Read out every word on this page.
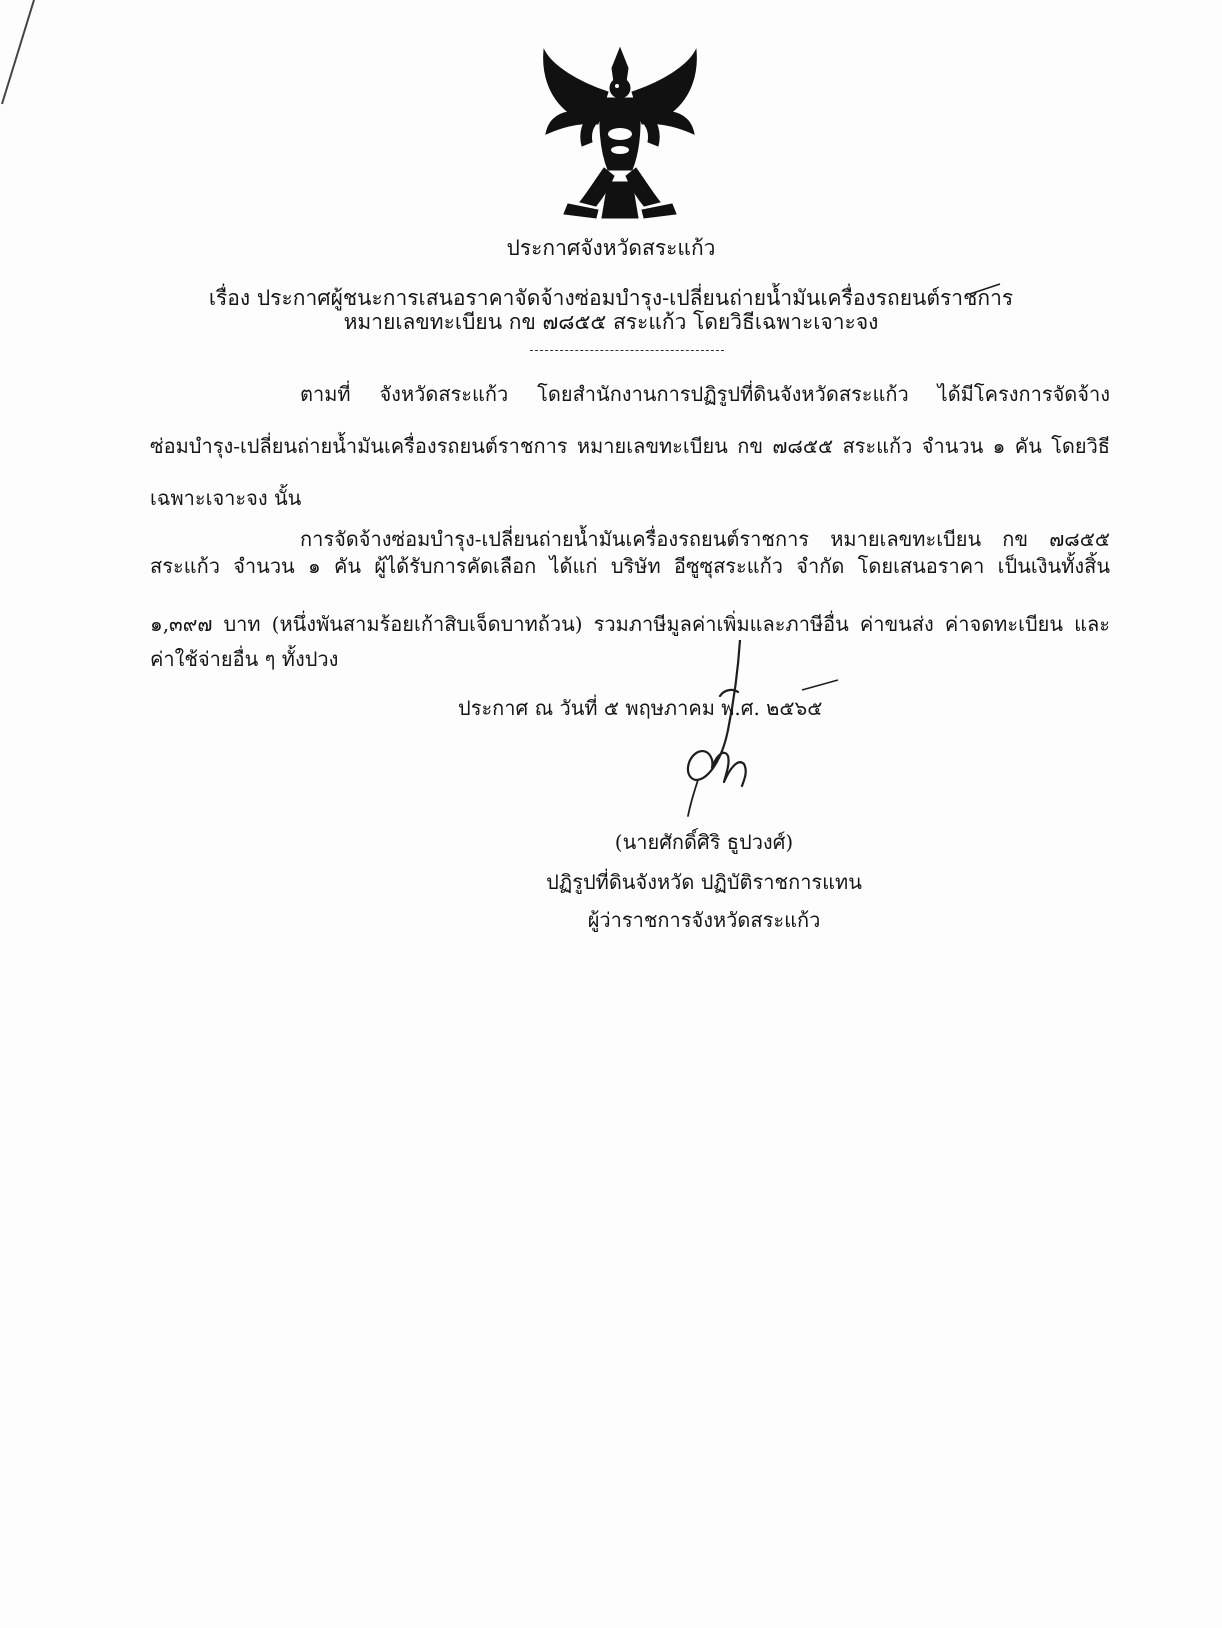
ประกาศจังหวัดสระแก้ว
เรื่อง ประกาศผู้ชนะการเสนอราคาจัดจ้างซ่อมบำรุง-เปลี่ยนถ่ายน้ำมันเครื่องรถยนต์ราชการ
หมายเลขทะเบียน กข ๗๘๕๕ สระแก้ว โดยวิธีเฉพาะเจาะจง
ตามที่ จังหวัดสระแก้ว โดยสำนักงานการปฏิรูปที่ดินจังหวัดสระแก้ว ได้มีโครงการจัดจ้าง
ซ่อมบำรุง-เปลี่ยนถ่ายน้ำมันเครื่องรถยนต์ราชการ หมายเลขทะเบียน กข ๗๘๕๕ สระแก้ว จำนวน ๑ คัน โดยวิธี
เฉพาะเจาะจง นั้น
การจัดจ้างซ่อมบำรุง-เปลี่ยนถ่ายน้ำมันเครื่องรถยนต์ราชการ หมายเลขทะเบียน กข ๗๘๕๕
สระแก้ว จำนวน ๑ คัน ผู้ได้รับการคัดเลือก ได้แก่ บริษัท อีซูซุสระแก้ว จำกัด โดยเสนอราคา เป็นเงินทั้งสิ้น
๑,๓๙๗ บาท (หนึ่งพันสามร้อยเก้าสิบเจ็ดบาทถ้วน) รวมภาษีมูลค่าเพิ่มและภาษีอื่น ค่าขนส่ง ค่าจดทะเบียน และ
ค่าใช้จ่ายอื่น ๆ ทั้งปวง
ประกาศ ณ วันที่ ๕ พฤษภาคม พ.ศ. ๒๕๖๕
(นายศักดิ์ศิริ ธูปวงศ์)
ปฏิรูปที่ดินจังหวัด ปฏิบัติราชการแทน
ผู้ว่าราชการจังหวัดสระแก้ว
